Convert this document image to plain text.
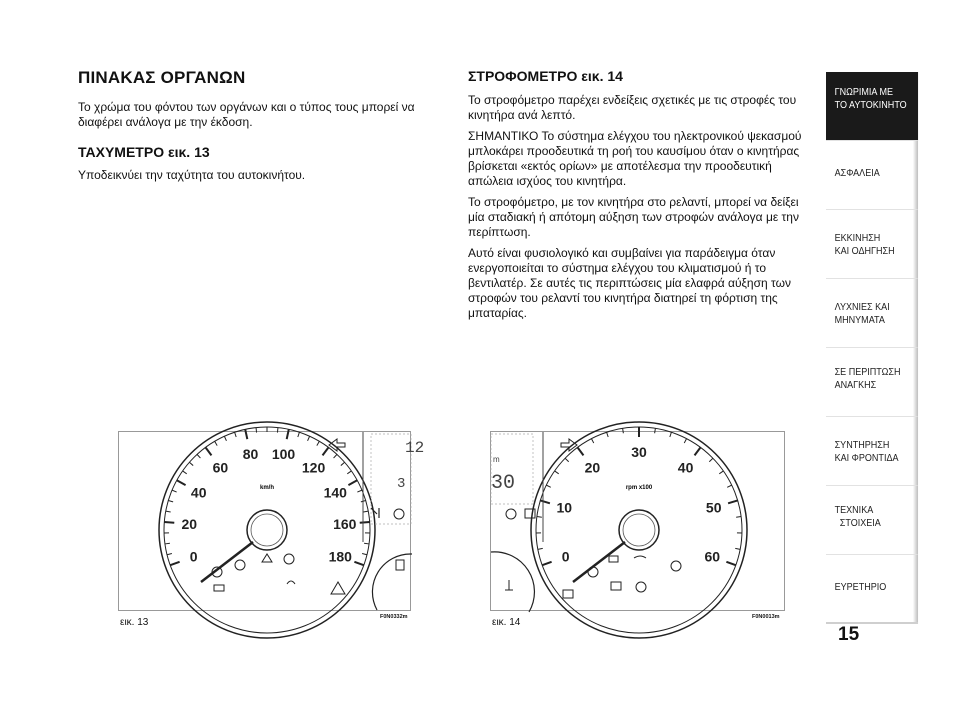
ΠΙΝΑΚΑΣ ΟΡΓΑΝΩΝ
Το χρώμα του φόντου των οργάνων και ο τύπος τους μπορεί να διαφέρει ανάλογα με την έκδοση.
ΤΑΧΥΜΕΤΡΟ εικ. 13
Υποδεικνύει την ταχύτητα του αυτοκινήτου.
ΣΤΡΟΦΟΜΕΤΡΟ εικ. 14
Το στροφόμετρο παρέχει ενδείξεις σχετικές με τις στροφές του κινητήρα ανά λεπτό.
ΣΗΜΑΝΤΙΚΟ Το σύστημα ελέγχου του ηλεκτρονικού ψεκασμού μπλοκάρει προοδευτικά τη ροή του καυσίμου όταν ο κινητήρας βρίσκεται «εκτός ορίων» με αποτέλεσμα την προοδευτική απώλεια ισχύος του κινητήρα.
Το στροφόμετρο, με τον κινητήρα στο ρελαντί, μπορεί να δείξει μία σταδιακή ή απότομη αύξηση των στροφών ανάλογα με την περίπτωση.
Αυτό είναι φυσιολογικό και συμβαίνει για παράδειγμα όταν ενεργοποιείται το σύστημα ελέγχου του κλιματισμού ή το βεντιλατέρ. Σε αυτές τις περιπτώσεις μία ελαφρά αύξηση των στροφών του ρελαντί του κινητήρα διατηρεί τη φόρτιση της μπαταρίας.
ΓΝΩΡΙΜΙΑ ΜΕ
ΤΟ ΑΥΤΟΚΙΝΗΤΟ
ΑΣΦΑΛΕΙΑ
ΕΚΚΙΝΗΣΗ
ΚΑΙ ΟΔΗΓΗΣΗ
ΛΥΧΝΙΕΣ ΚΑΙ
ΜΗΝΥΜΑΤΑ
ΣΕ ΠΕΡΙΠΤΩΣΗ
ΑΝΑΓΚΗΣ
ΣΥΝΤΗΡΗΣΗ
ΚΑΙ ΦΡΟΝΤΙΔΑ
ΤΕΧΝΙΚΑ
ΣΤΟΙΧΕΙΑ
ΕΥΡΕΤΗΡΙΟ
15
0
20
40
60
80 100
120
140
160
180
km/h
12
3
εικ. 13	F0N0332m
0
10
20
30
40
50
60
rpm x100
m
30
εικ. 14	F0N0013m
